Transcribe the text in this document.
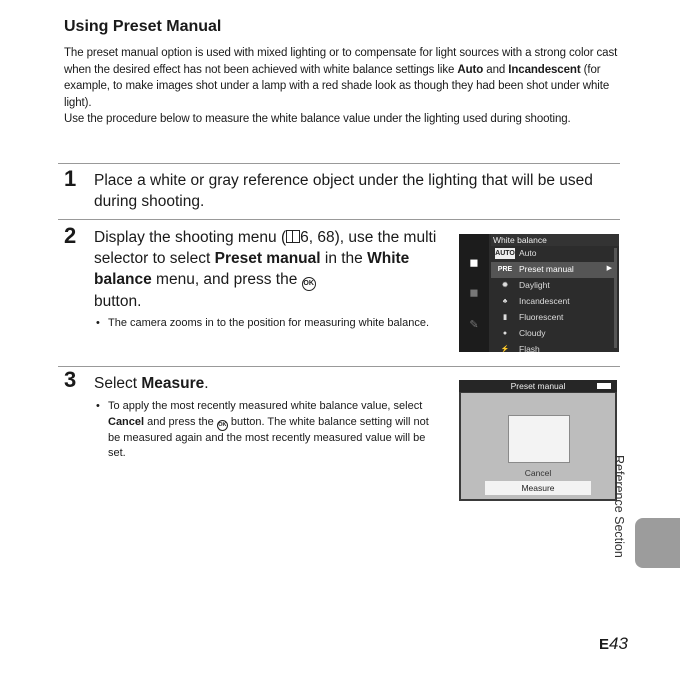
Using Preset Manual

The preset manual option is used with mixed lighting or to compensate for light sources with a strong color cast when the desired effect has not been achieved with white balance settings like Auto and Incandescent (for example, to make images shot under a lamp with a red shade look as though they had been shot under white light).

Use the procedure below to measure the white balance value under the lighting used during shooting.

1 Place a white or gray reference object under the lighting that will be used during shooting.
2 Display the shooting menu ( 6, 68), use the multi selector to select Preset manual in the White balance menu, and press the OK
button.
• The camera zooms in to the position for measuring white balance.
◼
◼
✎
White balance
AUTO Auto
PRE Preset manual	▶
✹	Daylight
♣	Incandescent
▮	Fluorescent
●	Cloudy
⚡	Flash
3 Select Measure.
• To apply the most recently measured white balance value, select Cancel and press the OK button. The white balance setting will not be measured again and the most recently measured value will be set.
Preset manual
Cancel
Measure	Reference Section
E43
